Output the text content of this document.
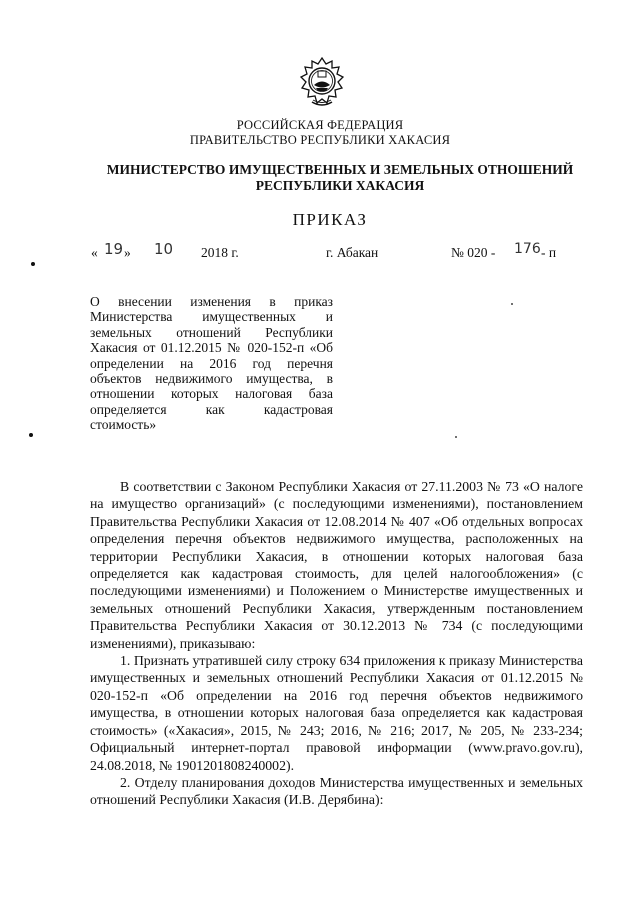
РОССИЙСКАЯ ФЕДЕРАЦИЯ
ПРАВИТЕЛЬСТВО РЕСПУБЛИКИ ХАКАСИЯ
МИНИСТЕРСТВО ИМУЩЕСТВЕННЫХ И ЗЕМЕЛЬНЫХ ОТНОШЕНИЙ
РЕСПУБЛИКИ ХАКАСИЯ
ПРИКАЗ
« 19 » 10 2018 г.	г. Абакан	№ 020 - 176 - п
О внесении изменения в приказ
Министерства имущественных и
земельных отношений Республики
Хакасия от 01.12.2015 № 020-152-п «Об
определении на 2016 год перечня
объектов недвижимого имущества, в
отношении которых налоговая база
определяется как кадастровая
стоимость»

В соответствии с Законом Республики Хакасия от 27.11.2003 № 73 «О налоге на имущество организаций» (с последующими изменениями), постановлением Правительства Республики Хакасия от 12.08.2014 № 407 «Об отдельных вопросах определения перечня объектов недвижимого имущества, расположенных на территории Республики Хакасия, в отношении которых налоговая база определяется как кадастровая стоимость, для целей налогообложения» (с последующими изменениями) и Положением о Министерстве имущественных и земельных отношений Республики Хакасия, утвержденным постановлением Правительства Республики Хакасия от 30.12.2013 № 734 (с последующими изменениями), приказываю:

1. Признать утратившей силу строку 634 приложения к приказу Министерства имущественных и земельных отношений Республики Хакасия от 01.12.2015 № 020-152-п «Об определении на 2016 год перечня объектов недвижимого имущества, в отношении которых налоговая база определяется как кадастровая стоимость» («Хакасия», 2015, № 243; 2016, № 216; 2017, № 205, № 233-234; Официальный интернет-портал правовой информации (www.pravo.gov.ru), 24.08.2018, № 1901201808240002).

2. Отделу планирования доходов Министерства имущественных и земельных отношений Республики Хакасия (И.В. Дерябина):
